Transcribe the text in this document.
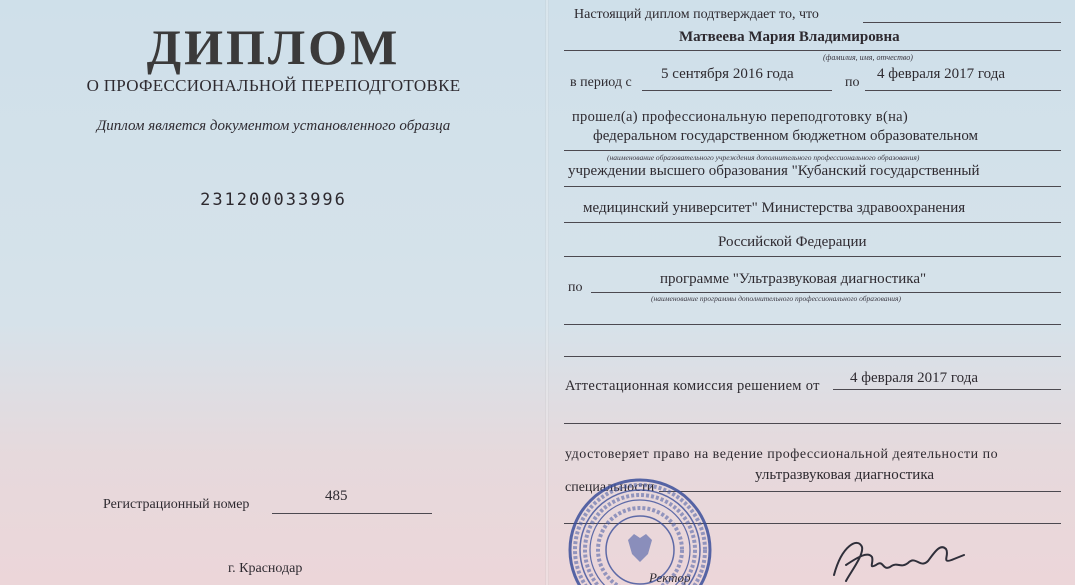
ДИПЛОМ
О ПРОФЕССИОНАЛЬНОЙ ПЕРЕПОДГОТОВКЕ
Диплом является документом установленного образца
231200033996
Регистрационный номер
485
г. Краснодар
Настоящий диплом подтверждает то, что
Матвеева Мария Владимировна
(фамилия, имя, отчество)
в период с
5 сентября 2016 года
по
4 февраля 2017 года
прошел(а) профессиональную переподготовку в(на)
федеральном государственном бюджетном образовательном
(наименование образовательного учреждения дополнительного профессионального образования)
учреждении высшего образования "Кубанский государственный
медицинский университет" Министерства здравоохранения
Российской Федерации
по
программе "Ультразвуковая диагностика"
(наименование программы дополнительного профессионального образования)
Аттестационная комиссия решением от 4 февраля 2017 года
удостоверяет право на ведение профессиональной деятельности по
ультразвуковая диагностика
специальности
Ректор
